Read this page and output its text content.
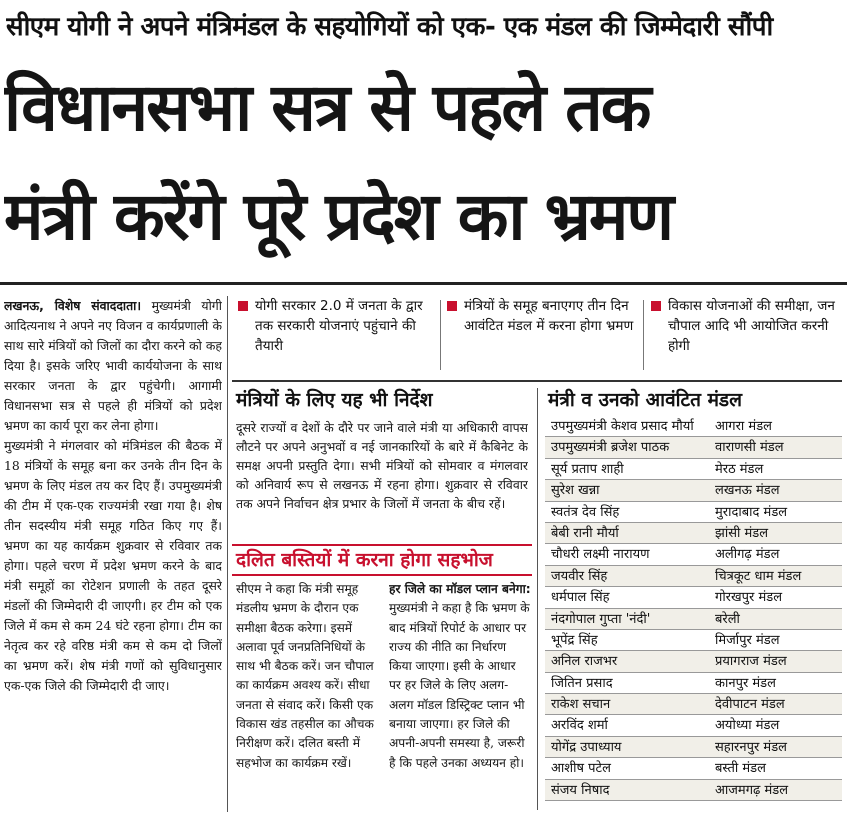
सीएम योगी ने अपने मंत्रिमंडल के सहयोगियों को एक- एक मंडल की जिम्मेदारी सौंपी
विधानसभा सत्र से पहले तक
मंत्री करेंगे पूरे प्रदेश का भ्रमण

लखनऊ, विशेष संवाददाता। मुख्यमंत्री योगी आदित्यनाथ ने अपने नए विजन व कार्यप्रणाली के साथ सारे मंत्रियों को जिलों का दौरा करने को कह दिया है। इसके जरिए भावी कार्ययोजना के साथ सरकार जनता के द्वार पहुंचेगी। आगामी विधानसभा सत्र से पहले ही मंत्रियों को प्रदेश भ्रमण का कार्य पूरा कर लेना होगा।

मुख्यमंत्री ने मंगलवार को मंत्रिमंडल की बैठक में 18 मंत्रियों के समूह बना कर उनके तीन दिन के भ्रमण के लिए मंडल तय कर दिए हैं। उपमुख्यमंत्री की टीम में एक-एक राज्यमंत्री रखा गया है। शेष तीन सदस्यीय मंत्री समूह गठित किए गए हैं। भ्रमण का यह कार्यक्रम शुक्रवार से रविवार तक होगा। पहले चरण में प्रदेश भ्रमण करने के बाद मंत्री समूहों का रोटेशन प्रणाली के तहत दूसरे मंडलों की जिम्मेदारी दी जाएगी। हर टीम को एक जिले में कम से कम 24 घंटे रहना होगा। टीम का नेतृत्व कर रहे वरिष्ठ मंत्री कम से कम दो जिलों का भ्रमण करें। शेष मंत्री गणों को सुविधानुसार एक-एक जिले की जिम्मेदारी दी जाए।

योगी सरकार 2.0 में जनता के द्वार तक सरकारी योजनाएं पहुंचाने की तैयारी
मंत्रियों के समूह बनाएगए तीन दिन आवंटित मंडल में करना होगा भ्रमण
विकास योजनाओं की समीक्षा, जन चौपाल आदि भी आयोजित करनी होगी
मंत्रियों के लिए यह भी निर्देश
दूसरे राज्यों व देशों के दौरे पर जाने वाले मंत्री या अधिकारी वापस लौटने पर अपने अनुभवों व नई जानकारियों के बारे में कैबिनेट के समक्ष अपनी प्रस्तुति देगा। सभी मंत्रियों को सोमवार व मंगलवार को अनिवार्य रूप से लखनऊ में रहना होगा। शुक्रवार से रविवार तक अपने निर्वाचन क्षेत्र प्रभार के जिलों में जनता के बीच रहें।
दलित बस्तियों में करना होगा सहभोज
सीएम ने कहा कि मंत्री समूह मंडलीय भ्रमण के दौरान एक समीक्षा बैठक करेगा। इसमें अलावा पूर्व जनप्रतिनिधियों के साथ भी बैठक करें। जन चौपाल का कार्यक्रम अवश्य करें। सीधा जनता से संवाद करें। किसी एक विकास खंड तहसील का औचक निरीक्षण करें। दलित बस्ती में सहभोज का कार्यक्रम रखें।
हर जिले का मॉडल प्लान बनेगा: मुख्यमंत्री ने कहा है कि भ्रमण के बाद मंत्रियों रिपोर्ट के आधार पर राज्य की नीति का निर्धारण किया जाएगा। इसी के आधार पर हर जिले के लिए अलग-अलग मॉडल डिस्ट्रिक्ट प्लान भी बनाया जाएगा। हर जिले की अपनी-अपनी समस्या है, जरूरी है कि पहले उनका अध्ययन हो।
मंत्री व उनको आवंटित मंडल
उपमुख्यमंत्री केशव प्रसाद मौर्या	आगरा मंडल
उपमुख्यमंत्री ब्रजेश पाठक	वाराणसी मंडल
सूर्य प्रताप शाही	मेरठ मंडल
सुरेश खन्ना	लखनऊ मंडल
स्वतंत्र देव सिंह	मुरादाबाद मंडल
बेबी रानी मौर्या	झांसी मंडल
चौधरी लक्ष्मी नारायण	अलीगढ़ मंडल
जयवीर सिंह	चित्रकूट धाम मंडल
धर्मपाल सिंह	गोरखपुर मंडल
नंदगोपाल गुप्ता 'नंदी'	बरेली
भूपेंद्र सिंह	मिर्जापुर मंडल
अनिल राजभर	प्रयागराज मंडल
जितिन प्रसाद	कानपुर मंडल
राकेश सचान	देवीपाटन मंडल
अरविंद शर्मा	अयोध्या मंडल
योगेंद्र उपाध्याय	सहारनपुर मंडल
आशीष पटेल	बस्ती मंडल
संजय निषाद	आजमगढ़ मंडल
